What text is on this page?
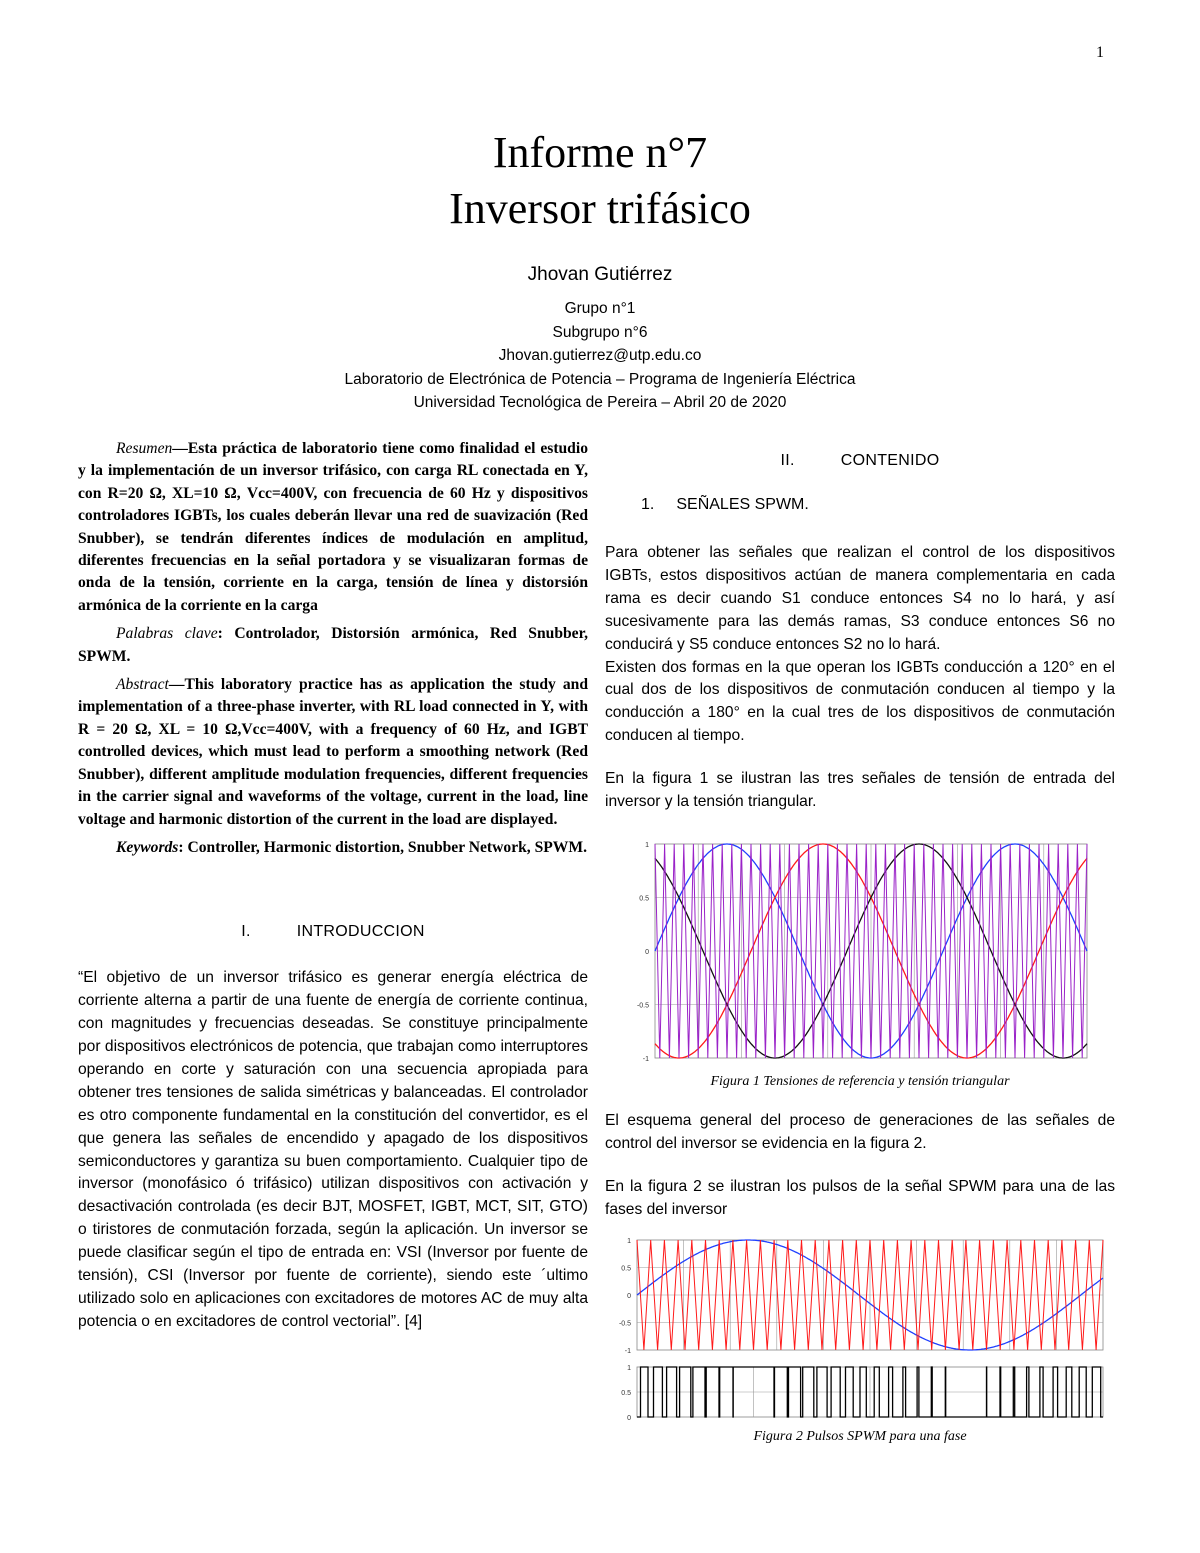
1
Informe n°7
Inversor trifásico
Jhovan Gutiérrez
Grupo n°1
Subgrupo n°6
Jhovan.gutierrez@utp.edu.co
Laboratorio de Electrónica de Potencia – Programa de Ingeniería Eléctrica
Universidad Tecnológica de Pereira – Abril 20 de 2020

Resumen—Esta práctica de laboratorio tiene como finalidad el estudio y la implementación de un inversor trifásico, con carga RL conectada en Y, con R=20 Ω, XL=10 Ω, Vcc=400V, con frecuencia de 60 Hz y dispositivos controladores IGBTs, los cuales deberán llevar una red de suavización (Red Snubber), se tendrán diferentes índices de modulación en amplitud, diferentes frecuencias en la señal portadora y se visualizaran formas de onda de la tensión, corriente en la carga, tensión de línea y distorsión armónica de la corriente en la carga

Palabras clave: Controlador, Distorsión armónica, Red Snubber, SPWM.

Abstract—This laboratory practice has as application the study and implementation of a three-phase inverter, with RL load connected in Y, with R = 20 Ω, XL = 10 Ω,Vcc=400V, with a frequency of 60 Hz, and IGBT controlled devices, which must lead to perform a smoothing network (Red Snubber), different amplitude modulation frequencies, different frequencies in the carrier signal and waveforms of the voltage, current in the load, line voltage and harmonic distortion of the current in the load are displayed.

Keywords: Controller, Harmonic distortion, Snubber Network, SPWM.

I.	INTRODUCCION

“El objetivo de un inversor trifásico es generar energía eléctrica de corriente alterna a partir de una fuente de energía de corriente continua, con magnitudes y frecuencias deseadas. Se constituye principalmente por dispositivos electrónicos de potencia, que trabajan como interruptores operando en corte y saturación con una secuencia apropiada para obtener tres tensiones de salida simétricas y balanceadas. El controlador es otro componente fundamental en la constitución del convertidor, es el que genera las señales de encendido y apagado de los dispositivos semiconductores y garantiza su buen comportamiento. Cualquier tipo de inversor (monofásico ó trifásico) utilizan dispositivos con activación y desactivación controlada (es decir BJT, MOSFET, IGBT, MCT, SIT, GTO) o tiristores de conmutación forzada, según la aplicación. Un inversor se puede clasificar según el tipo de entrada en: VSI (Inversor por fuente de tensión), CSI (Inversor por fuente de corriente), siendo este ´ultimo utilizado solo en aplicaciones con excitadores de motores AC de muy alta potencia o en excitadores de control vectorial”. [4]

II.	CONTENIDO
1. SEÑALES SPWM.

Para obtener las señales que realizan el control de los dispositivos IGBTs, estos dispositivos actúan de manera complementaria en cada rama es decir cuando S1 conduce entonces S4 no lo hará, y así sucesivamente para las demás ramas, S3 conduce entonces S6 no conducirá y S5 conduce entonces S2 no lo hará.

Existen dos formas en la que operan los IGBTs conducción a 120° en el cual dos de los dispositivos de conmutación conducen al tiempo y la conducción a 180° en la cual tres de los dispositivos de conmutación conducen al tiempo.

En la figura 1 se ilustran las tres señales de tensión de entrada del inversor y la tensión triangular.

1
0.5
0
-0.5
-1
Figura 1 Tensiones de referencia y tensión triangular

El esquema general del proceso de generaciones de las señales de control del inversor se evidencia en la figura 2.

En la figura 2 se ilustran los pulsos de la señal SPWM para una de las fases del inversor

1
0.5
0
-0.5
-1
1
0.5
0
Figura 2 Pulsos SPWM para una fase
